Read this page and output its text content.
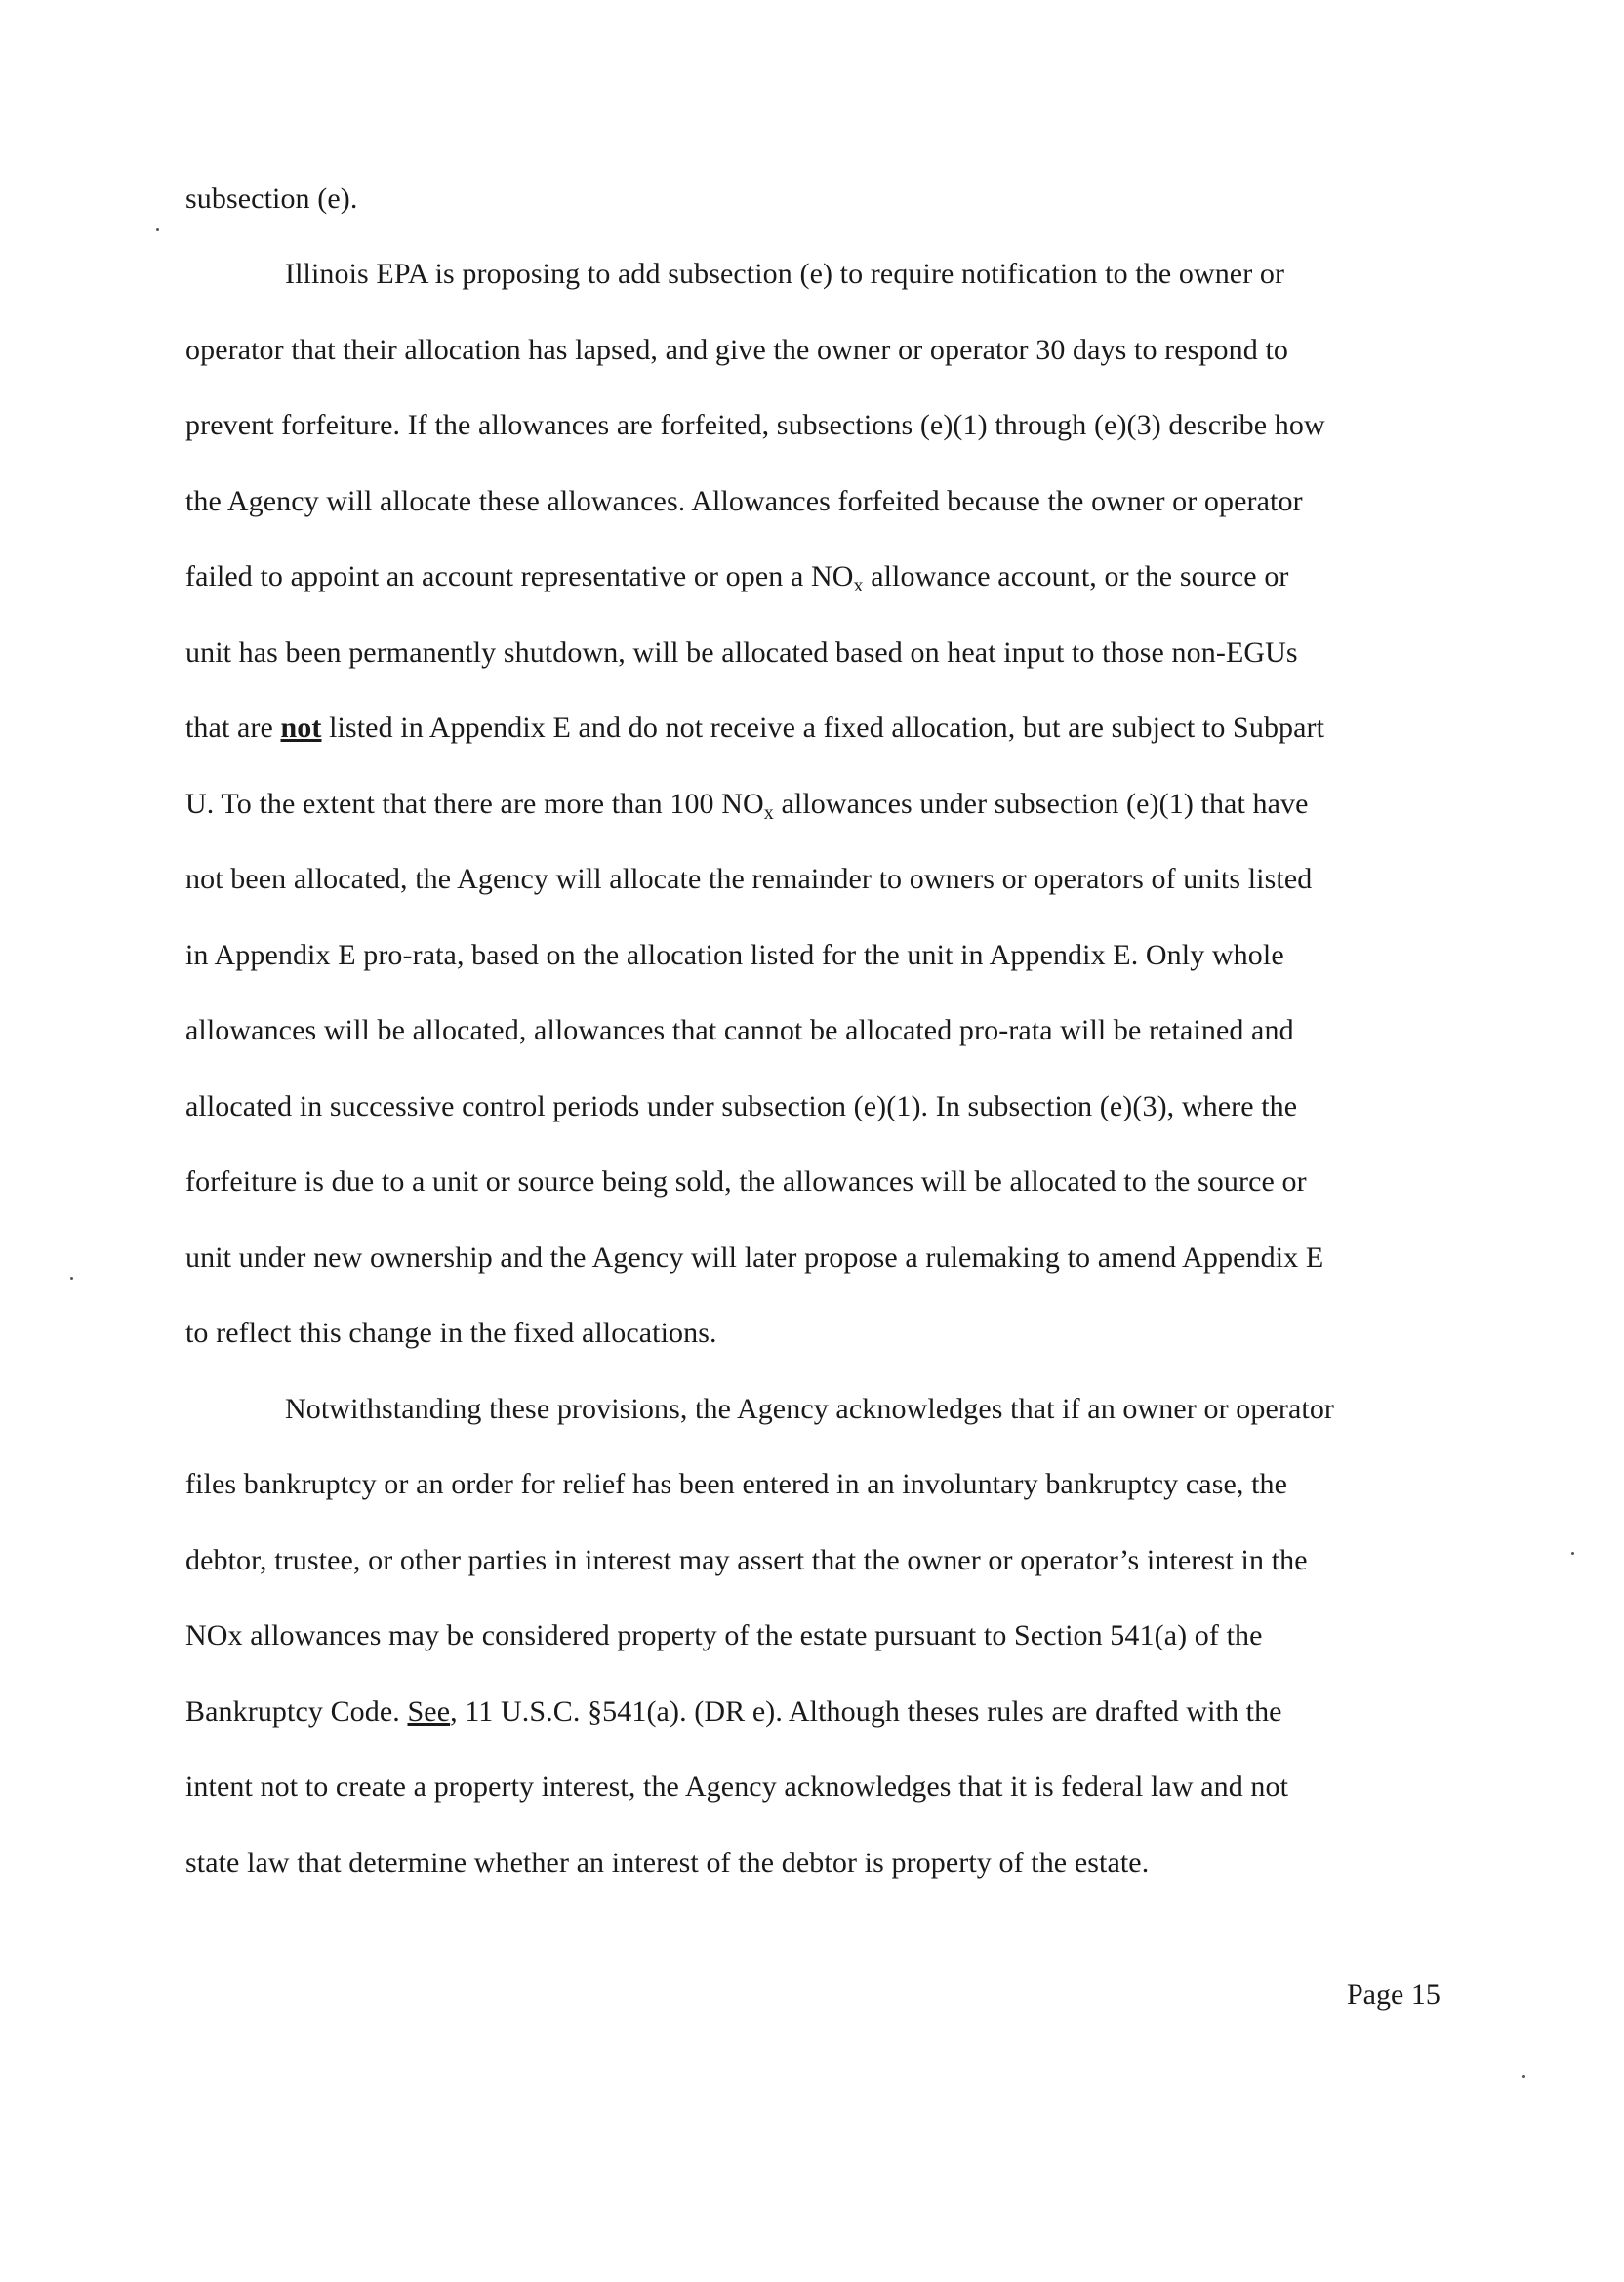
subsection (e).
Illinois EPA is proposing to add subsection (e) to require notification to the owner or
operator that their allocation has lapsed, and give the owner or operator 30 days to respond to
prevent forfeiture. If the allowances are forfeited, subsections (e)(1) through (e)(3) describe how
the Agency will allocate these allowances. Allowances forfeited because the owner or operator
failed to appoint an account representative or open a $NO_x$ allowance account, or the source or
unit has been permanently shutdown, will be allocated based on heat input to those non-EGUs
that are not listed in Appendix E and do not receive a fixed allocation, but are subject to Subpart
U. To the extent that there are more than 100 $NO_x$ allowances under subsection (e)(1) that have
not been allocated, the Agency will allocate the remainder to owners or operators of units listed
in Appendix E pro-rata, based on the allocation listed for the unit in Appendix E. Only whole
allowances will be allocated, allowances that cannot be allocated pro-rata will be retained and
allocated in successive control periods under subsection (e)(1). In subsection (e)(3), where the
forfeiture is due to a unit or source being sold, the allowances will be allocated to the source or
unit under new ownership and the Agency will later propose a rulemaking to amend Appendix E
to reflect this change in the fixed allocations.
Notwithstanding these provisions, the Agency acknowledges that if an owner or operator
files bankruptcy or an order for relief has been entered in an involuntary bankruptcy case, the
debtor, trustee, or other parties in interest may assert that the owner or operator’s interest in the
NOx allowances may be considered property of the estate pursuant to Section 541(a) of the
Bankruptcy Code. See, 11 U.S.C. §541(a). (DR e). Although theses rules are drafted with the
intent not to create a property interest, the Agency acknowledges that it is federal law and not
state law that determine whether an interest of the debtor is property of the estate.
Page 15
